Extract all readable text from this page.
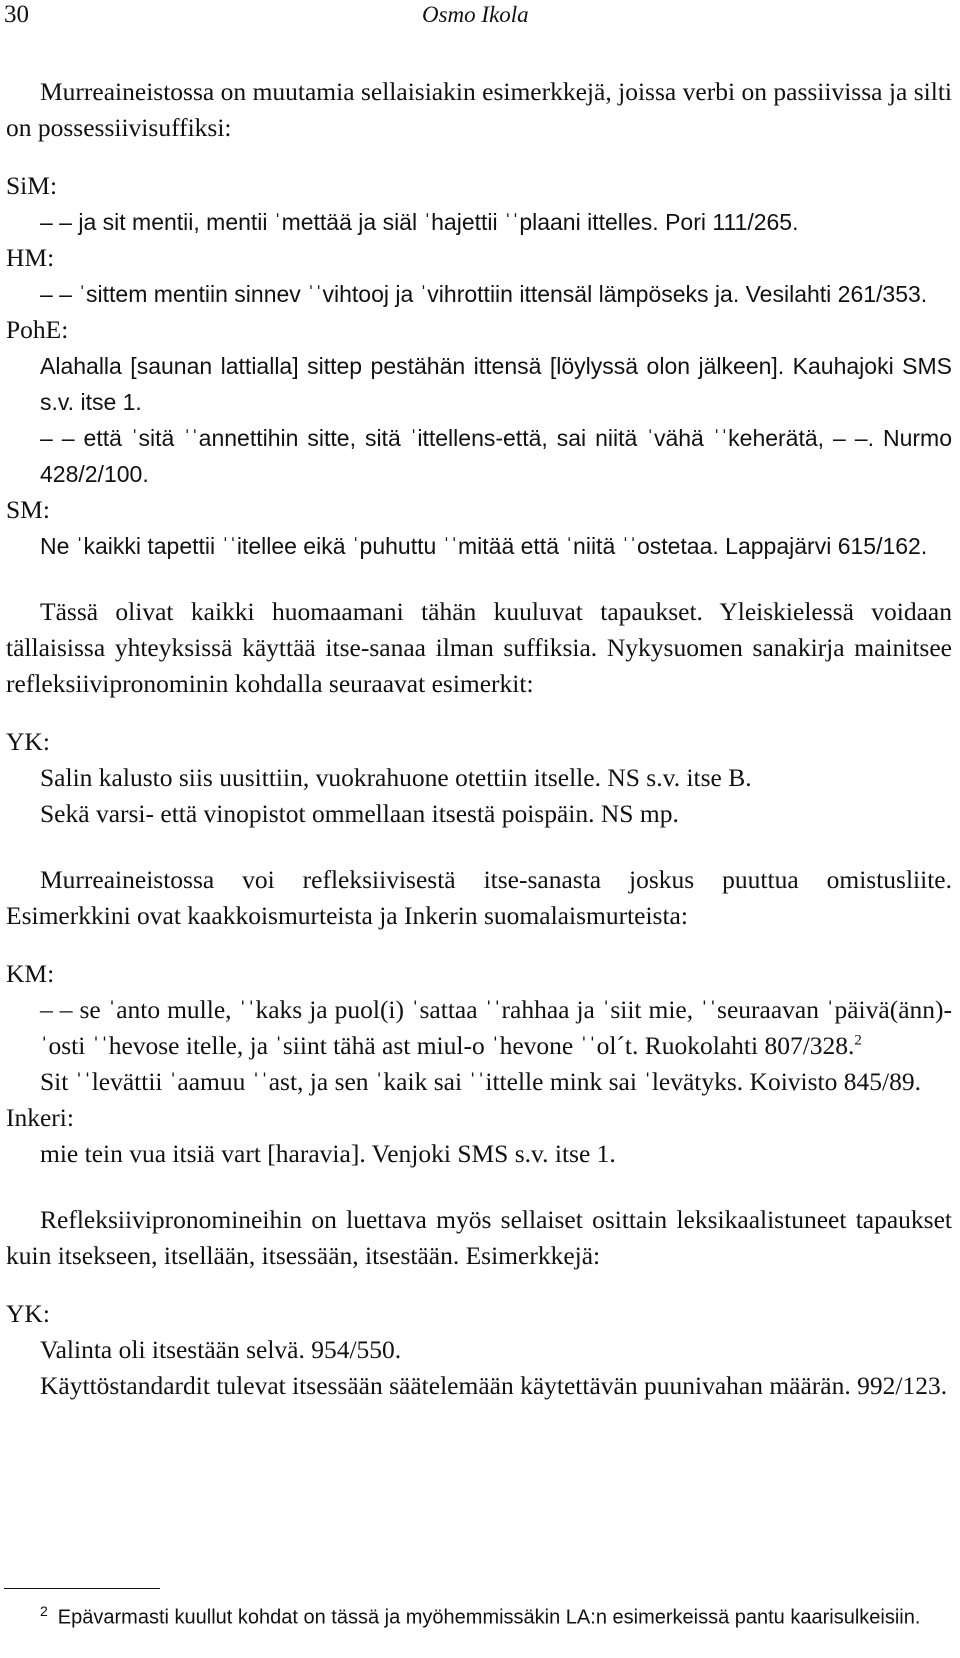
30	Osmo Ikola

Murreaineistossa on muutamia sellaisiakin esimerkkejä, joissa verbi on passiivissa ja silti on possessiivisuffiksi:

SiM:

– – ja sit mentii, mentii ˈmettää ja siäl ˈhajettii ˈˈplaani ittelles. Pori 111/265.

HM:

– – ˈsittem mentiin sinnev ˈˈvihtooj ja ˈvihrottiin ittensäl lämpöseks ja. Vesilahti 261/353.

PohE:

Alahalla [saunan lattialla] sittep pestähän ittensä [löylyssä olon jälkeen]. Kauhajoki SMS s.v. itse 1.

– – että ˈsitä ˈˈannettihin sitte, sitä ˈittellens-että, sai niitä ˈvähä ˈˈkeherätä, – –. Nurmo 428/2/100.

SM:

Ne ˈkaikki tapettii ˈˈitellee eikä ˈpuhuttu ˈˈmitää että ˈniitä ˈˈostetaa. Lappajärvi 615/162.

Tässä olivat kaikki huomaamani tähän kuuluvat tapaukset. Yleiskielessä voidaan tällaisissa yhteyksissä käyttää itse-sanaa ilman suffiksia. Nykysuomen sanakirja mainitsee refleksiivipronominin kohdalla seuraavat esimerkit:

YK:

Salin kalusto siis uusittiin, vuokrahuone otettiin itselle. NS s.v. itse B.

Sekä varsi- että vinopistot ommellaan itsestä poispäin. NS mp.

Murreaineistossa voi refleksiivisestä itse-sanasta joskus puuttua omistusliite. Esimerkkini ovat kaakkoismurteista ja Inkerin suomalaismurteista:

KM:

– – se ˈanto mulle, ˈˈkaks ja puol(i) ˈsattaa ˈˈrahhaa ja ˈsiit mie, ˈˈseuraavan ˈpäivä(änn)- ˈosti ˈˈhevose itelle, ja ˈsiint tähä ast miul-o ˈhevone ˈˈolˊt. Ruokolahti 807/328.$^2$

Sit ˈˈlevättii ˈaamuu ˈˈast, ja sen ˈkaik sai ˈˈittelle mink sai ˈlevätyks. Koivisto 845/89.

Inkeri:

mie tein vua itsiä vart [haravia]. Venjoki SMS s.v. itse 1.

Refleksiivipronomineihin on luettava myös sellaiset osittain leksikaalistuneet tapaukset kuin itsekseen, itsellään, itsessään, itsestään. Esimerkkejä:

YK:

Valinta oli itsestään selvä. 954/550.

Käyttöstandardit tulevat itsessään säätelemään käytettävän puunivahan määrän. 992/123.

$^2$ Epävarmasti kuullut kohdat on tässä ja myöhemmissäkin LA:n esimerkeissä pantu kaarisulkeisiin.
